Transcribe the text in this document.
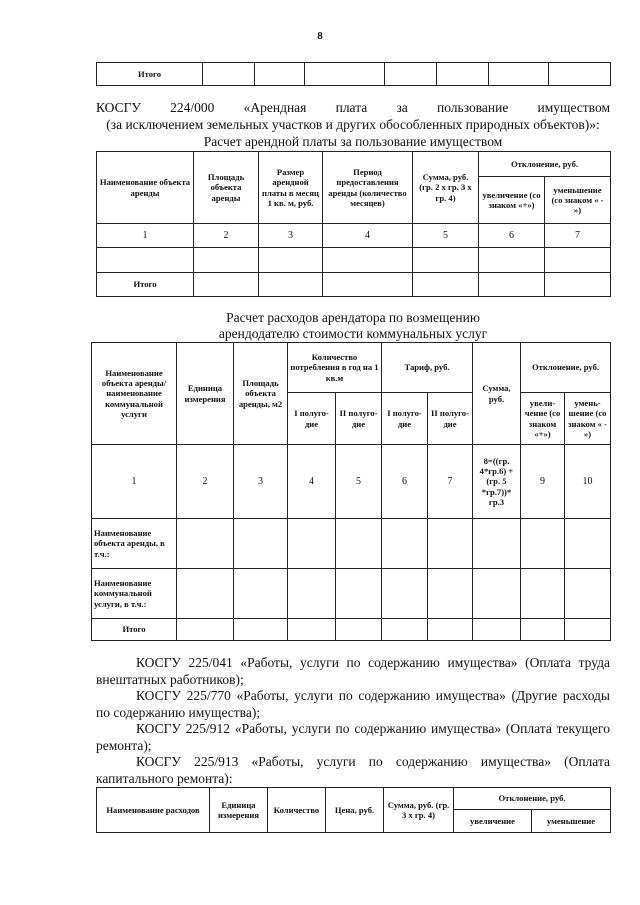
8
Итого							
КОСГУ 224/000 «Арендная плата за пользование имуществом
(за исключением земельных участков и других обособленных природных объектов)»:
Расчет арендной платы за пользование имуществом
Наименование объекта аренды	Площадь объекта аренды	Размер арендной платы в месяц 1 кв. м, руб.	Период предоставления аренды (количество месяцев)	Сумма, руб. (гр. 2 х гр. 3 х гр. 4)	Отклонение, руб.	
					увеличение (со знаком «+»)	уменьшение (со знаком « - »)
1	2	3	4	5	6	7

Итого						
Расчет расходов арендатора по возмещению
арендодателю стоимости коммунальных услуг
Наименование объекта аренды/ наименование коммунальной услуги	Единица измерения	Площадь объекта аренды, м2	Количество потребления в год на 1 кв.м		Тариф, руб.		Сумма, руб.	Отклонение, руб.	
			I полуго-дие	II полуго-дие	I полуго-дие	II полуго-дие		увели-чение (со знаком «+»)	умень-шение (со знаком « - »)
1	2	3	4	5	6	7	8=((гр. 4*гр.6) +(гр. 5 *гр.7))* гр.3	9	10
Наименование объекта аренды, в т.ч.:									
Наименование коммунальной услуги, в т.ч.:									
Итого									
КОСГУ 225/041 «Работы, услуги по содержанию имущества» (Оплата труда
внештатных работников);
КОСГУ 225/770 «Работы, услуги по содержанию имущества» (Другие расходы
по содержанию имущества);
КОСГУ 225/912 «Работы, услуги по содержанию имущества» (Оплата текущего
ремонта);
КОСГУ 225/913 «Работы, услуги по содержанию имущества» (Оплата
капитального ремонта):
Наименование расходов	Единица измерения	Количество	Цена, руб.	Сумма, руб. (гр. 3 х гр. 4)	Отклонение, руб.	
					увеличение	уменьшение
